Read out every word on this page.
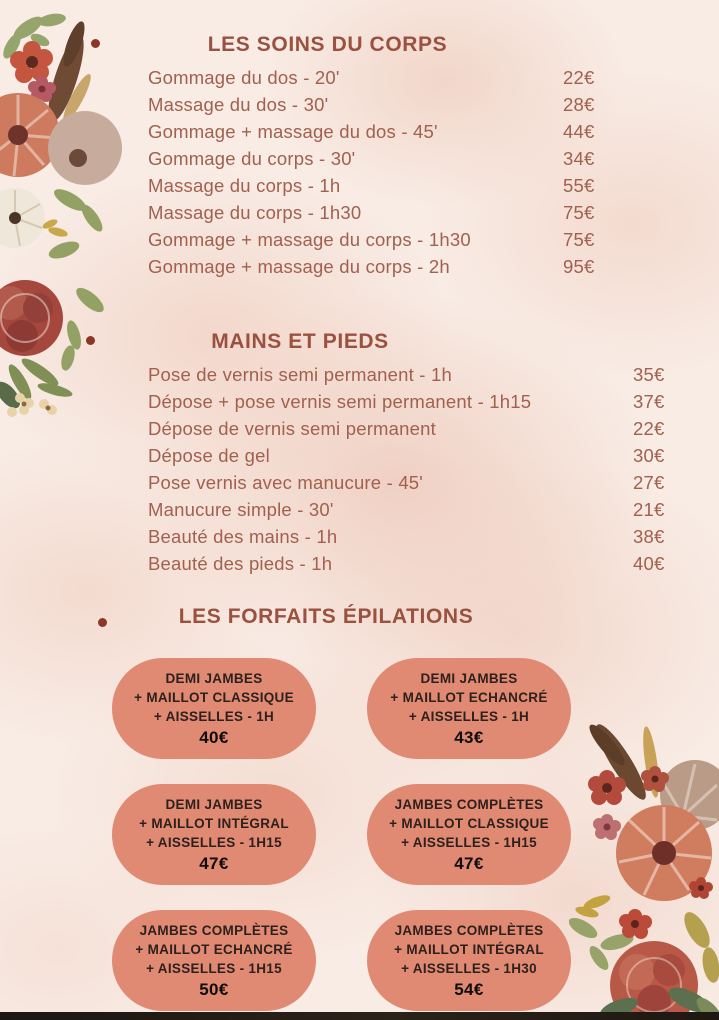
LES SOINS DU CORPS
Gommage du dos - 20'	22€
Massage du dos - 30'	28€
Gommage + massage du dos - 45'	44€
Gommage du corps - 30'	34€
Massage du corps - 1h	55€
Massage du corps - 1h30	75€
Gommage + massage du corps - 1h30	75€
Gommage + massage du corps - 2h	95€
MAINS ET PIEDS
Pose de vernis semi permanent - 1h	35€
Dépose + pose vernis semi permanent - 1h15	37€
Dépose de vernis semi permanent	22€
Dépose de gel	30€
Pose vernis avec manucure - 45'	27€
Manucure simple - 30'	21€
Beauté des mains - 1h	38€
Beauté des pieds - 1h	40€
LES FORFAITS ÉPILATIONS
DEMI JAMBES
+ MAILLOT CLASSIQUE
+ AISSELLES - 1H
40€
DEMI JAMBES
+ MAILLOT ECHANCRÉ
+ AISSELLES - 1H
43€
DEMI JAMBES
+ MAILLOT INTÉGRAL
+ AISSELLES - 1H15
47€
JAMBES COMPLÈTES
+ MAILLOT CLASSIQUE
+ AISSELLES - 1H15
47€
JAMBES COMPLÈTES
+ MAILLOT ECHANCRÉ
+ AISSELLES - 1H15
50€
JAMBES COMPLÈTES
+ MAILLOT INTÉGRAL
+ AISSELLES - 1H30
54€
